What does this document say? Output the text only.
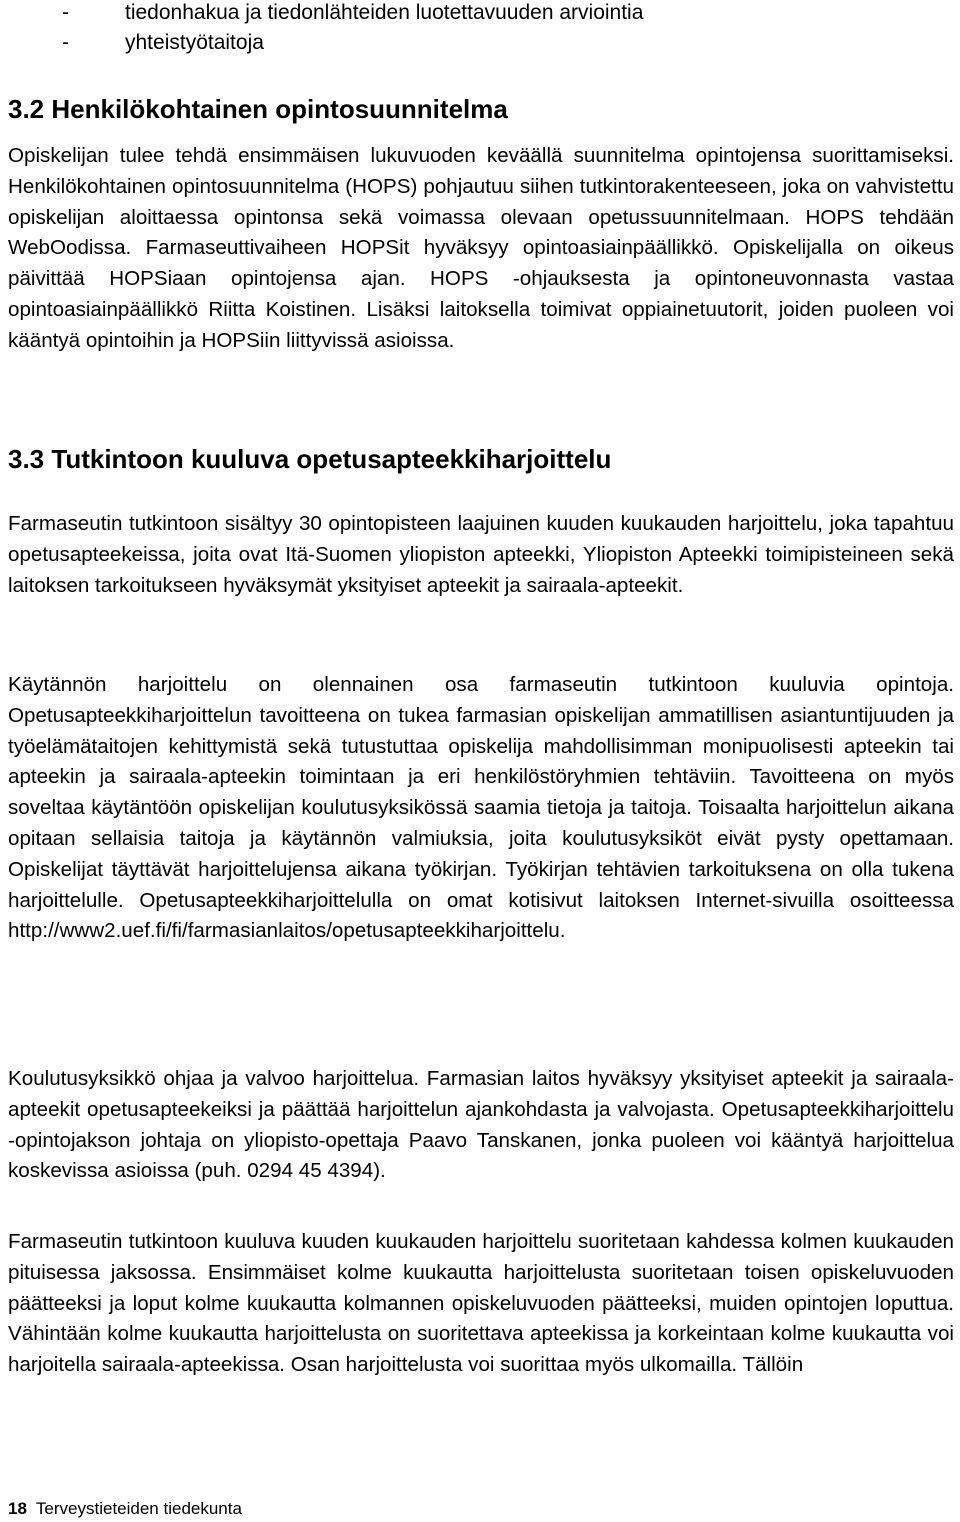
-	tiedonhakua ja tiedonlähteiden luotettavuuden arviointia
-	yhteistyötaitoja
3.2 Henkilökohtainen opintosuunnitelma

Opiskelijan tulee tehdä ensimmäisen lukuvuoden keväällä suunnitelma opintojensa suorittamiseksi. Henkilökohtainen opintosuunnitelma (HOPS) pohjautuu siihen tutkintorakenteeseen, joka on vahvistettu opiskelijan aloittaessa opintonsa sekä voimassa olevaan opetussuunnitelmaan. HOPS tehdään WebOodissa. Farmaseuttivaiheen HOPSit hyväksyy opintoasiainpäällikkö. Opiskelijalla on oikeus päivittää HOPSiaan opintojensa ajan. HOPS -ohjauksesta ja opintoneuvonnasta vastaa opintoasiainpäällikkö Riitta Koistinen. Lisäksi laitoksella toimivat oppiainetuutorit, joiden puoleen voi kääntyä opintoihin ja HOPSiin liittyvissä asioissa.

3.3 Tutkintoon kuuluva opetusapteekkiharjoittelu

Farmaseutin tutkintoon sisältyy 30 opintopisteen laajuinen kuuden kuukauden harjoittelu, joka tapahtuu opetusapteekeissa, joita ovat Itä-Suomen yliopiston apteekki, Yliopiston Apteekki toimipisteineen sekä laitoksen tarkoitukseen hyväksymät yksityiset apteekit ja sairaala-apteekit.

Käytännön harjoittelu on olennainen osa farmaseutin tutkintoon kuuluvia opintoja. Opetusapteekkiharjoittelun tavoitteena on tukea farmasian opiskelijan ammatillisen asiantuntijuuden ja työelämätaitojen kehittymistä sekä tutustuttaa opiskelija mahdollisimman monipuolisesti apteekin tai apteekin ja sairaala-apteekin toimintaan ja eri henkilöstöryhmien tehtäviin. Tavoitteena on myös soveltaa käytäntöön opiskelijan koulutusyksikössä saamia tietoja ja taitoja. Toisaalta harjoittelun aikana opitaan sellaisia taitoja ja käytännön valmiuksia, joita koulutusyksiköt eivät pysty opettamaan. Opiskelijat täyttävät harjoittelujensa aikana työkirjan. Työkirjan tehtävien tarkoituksena on olla tukena harjoittelulle. Opetusapteekkiharjoittelulla on omat kotisivut laitoksen Internet-sivuilla osoitteessa http://www2.uef.fi/fi/farmasianlaitos/opetusapteekkiharjoittelu.

Koulutusyksikkö ohjaa ja valvoo harjoittelua. Farmasian laitos hyväksyy yksityiset apteekit ja sairaala-apteekit opetusapteekeiksi ja päättää harjoittelun ajankohdasta ja valvojasta. Opetusapteekkiharjoittelu -opintojakson johtaja on yliopisto-opettaja Paavo Tanskanen, jonka puoleen voi kääntyä harjoittelua koskevissa asioissa (puh. 0294 45 4394).

Farmaseutin tutkintoon kuuluva kuuden kuukauden harjoittelu suoritetaan kahdessa kolmen kuukauden pituisessa jaksossa. Ensimmäiset kolme kuukautta harjoittelusta suoritetaan toisen opiskeluvuoden päätteeksi ja loput kolme kuukautta kolmannen opiskeluvuoden päätteeksi, muiden opintojen loputtua. Vähintään kolme kuukautta harjoittelusta on suoritettava apteekissa ja korkeintaan kolme kuukautta voi harjoitella sairaala-apteekissa. Osan harjoittelusta voi suorittaa myös ulkomailla. Tällöin

18 Terveystieteiden tiedekunta
